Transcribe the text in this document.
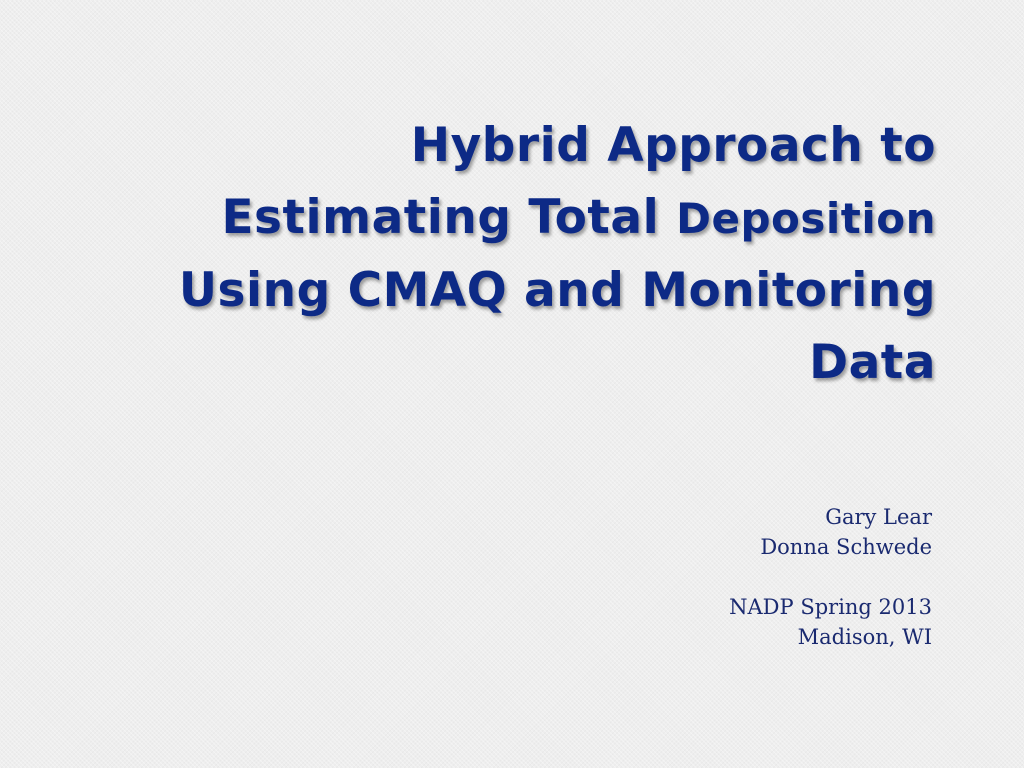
Hybrid Approach to
Estimating Total Deposition
Using CMAQ and Monitoring
Data
Gary Lear
Donna Schwede
NADP Spring 2013
Madison, WI
